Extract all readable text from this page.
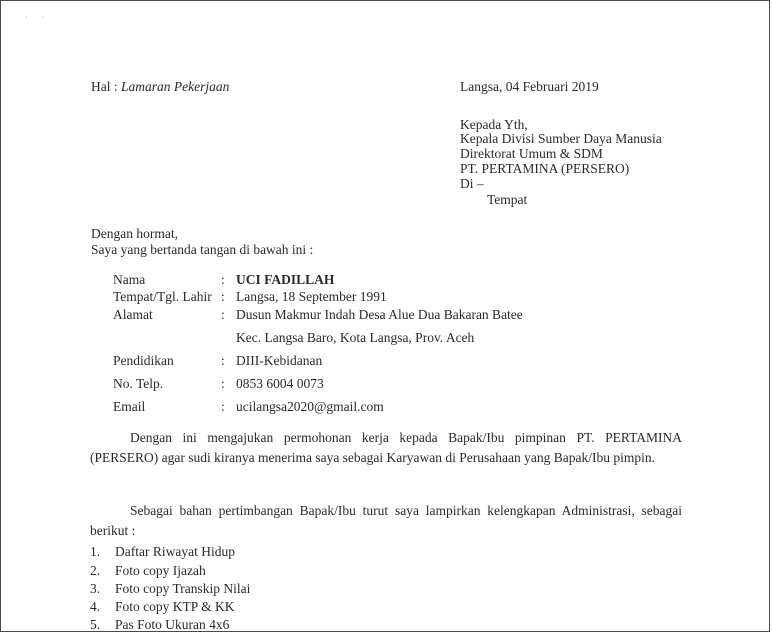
· ·
Hal : Lamaran Pekerjaan	Langsa, 04 Februari 2019
Kepada Yth,
Kepala Divisi Sumber Daya Manusia
Direktorat Umum & SDM
PT. PERTAMINA (PERSERO)
Di –
Tempat
Dengan hormat,
Saya yang bertanda tangan di bawah ini :
Nama	: UCI FADILLAH
Tempat/Tgl. Lahir : Langsa, 18 September 1991
Alamat	: Dusun Makmur Indah Desa Alue Dua Bakaran Batee
Kec. Langsa Baro, Kota Langsa, Prov. Aceh
Pendidikan	: DIII-Kebidanan
No. Telp.	: 0853 6004 0073
Email	: ucilangsa2020@gmail.com
Dengan ini mengajukan permohonan kerja kepada Bapak/Ibu pimpinan PT. PERTAMINA (PERSERO) agar sudi kiranya menerima saya sebagai Karyawan di Perusahaan yang Bapak/Ibu pimpin.
Sebagai bahan pertimbangan Bapak/Ibu turut saya lampirkan kelengkapan Administrasi, sebagai berikut :
1. Daftar Riwayat Hidup
2. Foto copy Ijazah
3. Foto copy Transkip Nilai
4. Foto copy KTP & KK
5. Pas Foto Ukuran 4x6
